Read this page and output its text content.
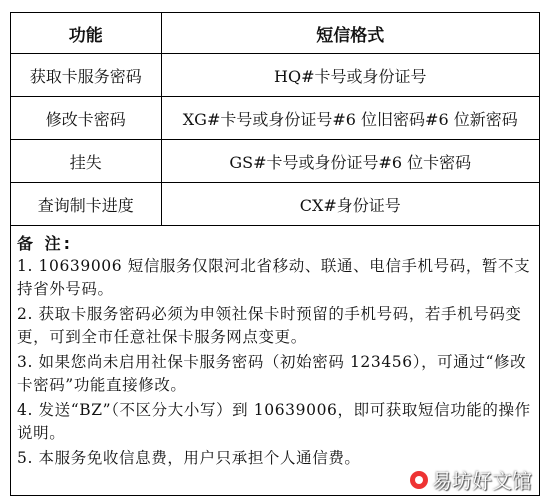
功能	短信格式
获取卡服务密码	HQ#卡号或身份证号
修改卡密码	XG#卡号或身份证号#6 位旧密码#6 位新密码
挂失	GS#卡号或身份证号#6 位卡密码
查询制卡进度	CX#身份证号
备 注:

1. 10639006 短信服务仅限河北省移动、联通、电信手机号码，暂不支持省外号码。

2. 获取卡服务密码必须为申领社保卡时预留的手机号码，若手机号码变更，可到全市任意社保卡服务网点变更。

3. 如果您尚未启用社保卡服务密码（初始密码 123456），可通过“修改卡密码”功能直接修改。

4. 发送“BZ”（不区分大小写）到 10639006，即可获取短信功能的操作说明。

5. 本服务免收信息费，用户只承担个人通信费。

易坊好文馆
